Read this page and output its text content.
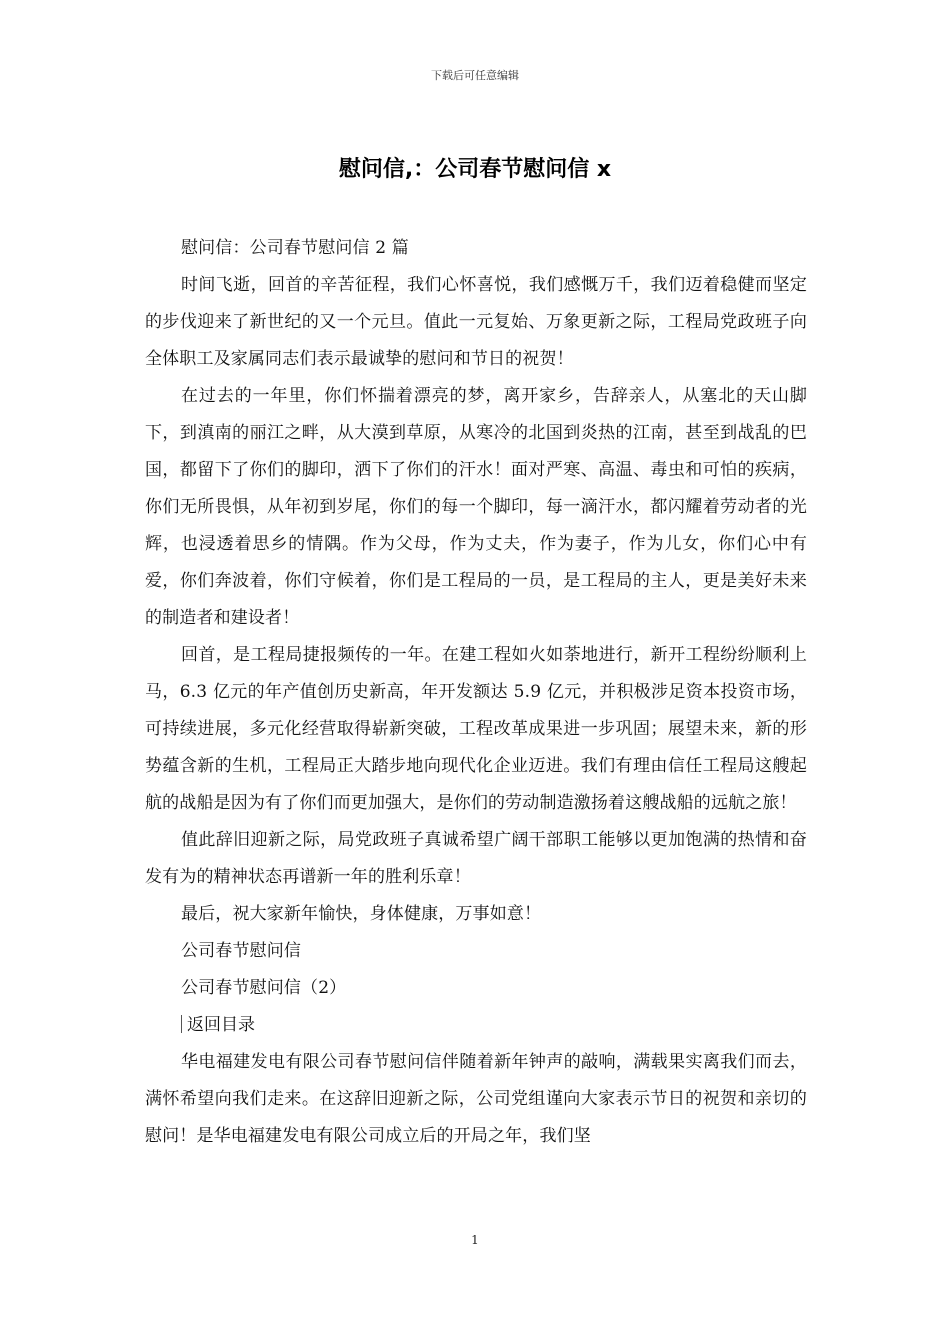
下载后可任意编辑
慰问信,：公司春节慰问信 x

慰问信：公司春节慰问信 2 篇

时间飞逝，回首的辛苦征程，我们心怀喜悦，我们感慨万千，我们迈着稳健而坚定的步伐迎来了新世纪的又一个元旦。值此一元复始、万象更新之际，工程局党政班子向全体职工及家属同志们表示最诚挚的慰问和节日的祝贺！

在过去的一年里，你们怀揣着漂亮的梦，离开家乡，告辞亲人，从塞北的天山脚下，到滇南的丽江之畔，从大漠到草原，从寒冷的北国到炎热的江南，甚至到战乱的巴国，都留下了你们的脚印，洒下了你们的汗水！面对严寒、高温、毒虫和可怕的疾病，你们无所畏惧，从年初到岁尾，你们的每一个脚印，每一滴汗水，都闪耀着劳动者的光辉，也浸透着思乡的情隅。作为父母，作为丈夫，作为妻子，作为儿女，你们心中有爱，你们奔波着，你们守候着，你们是工程局的一员，是工程局的主人，更是美好未来的制造者和建设者！

回首，是工程局捷报频传的一年。在建工程如火如荼地进行，新开工程纷纷顺利上马，6.3 亿元的年产值创历史新高，年开发额达 5.9 亿元，并积极涉足资本投资市场，可持续进展，多元化经营取得崭新突破，工程改革成果进一步巩固；展望未来，新的形势蕴含新的生机，工程局正大踏步地向现代化企业迈进。我们有理由信任工程局这艘起航的战船是因为有了你们而更加强大，是你们的劳动制造激扬着这艘战船的远航之旅！

值此辞旧迎新之际，局党政班子真诚希望广阔干部职工能够以更加饱满的热情和奋发有为的精神状态再谱新一年的胜利乐章！

最后，祝大家新年愉快，身体健康，万事如意！

公司春节慰问信

公司春节慰问信（2）

返回目录

华电福建发电有限公司春节慰问信伴随着新年钟声的敲响，满载果实离我们而去，满怀希望向我们走来。在这辞旧迎新之际，公司党组谨向大家表示节日的祝贺和亲切的慰问！是华电福建发电有限公司成立后的开局之年，我们坚

1
